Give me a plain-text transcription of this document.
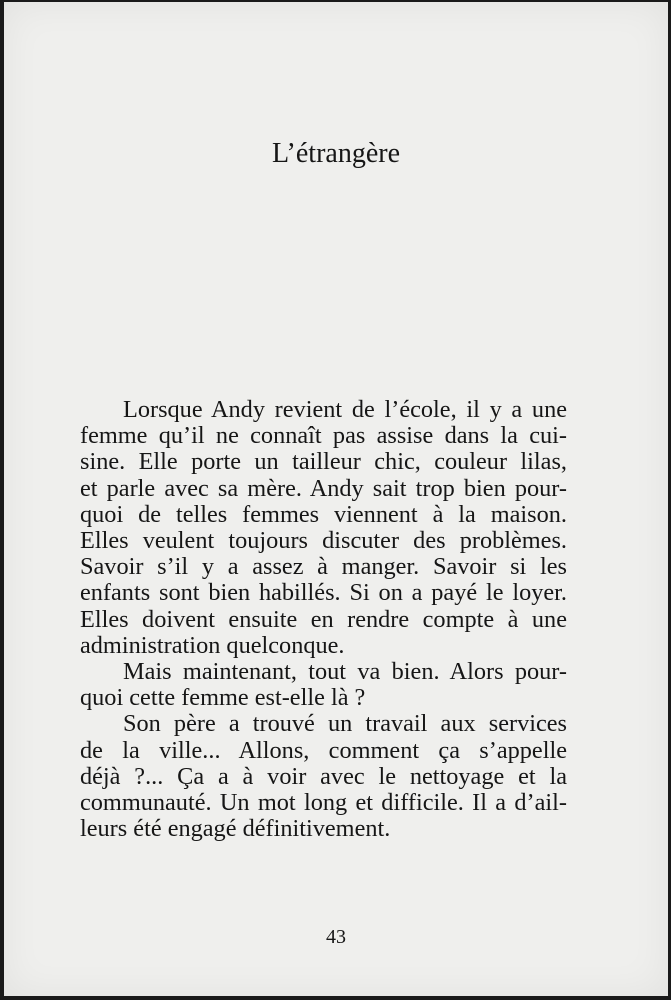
L’étrangère

Lorsque Andy revient de l’école, il y a une
femme qu’il ne connaît pas assise dans la cui-
sine. Elle porte un tailleur chic, couleur lilas,
et parle avec sa mère. Andy sait trop bien pour-
quoi de telles femmes viennent à la maison.
Elles veulent toujours discuter des problèmes.
Savoir s’il y a assez à manger. Savoir si les
enfants sont bien habillés. Si on a payé le loyer.
Elles doivent ensuite en rendre compte à une
administration quelconque.

Mais maintenant, tout va bien. Alors pour-
quoi cette femme est-elle là ?

Son père a trouvé un travail aux services
de la ville... Allons, comment ça s’appelle
déjà ?... Ça a à voir avec le nettoyage et la
communauté. Un mot long et difficile. Il a d’ail-
leurs été engagé définitivement.

43
